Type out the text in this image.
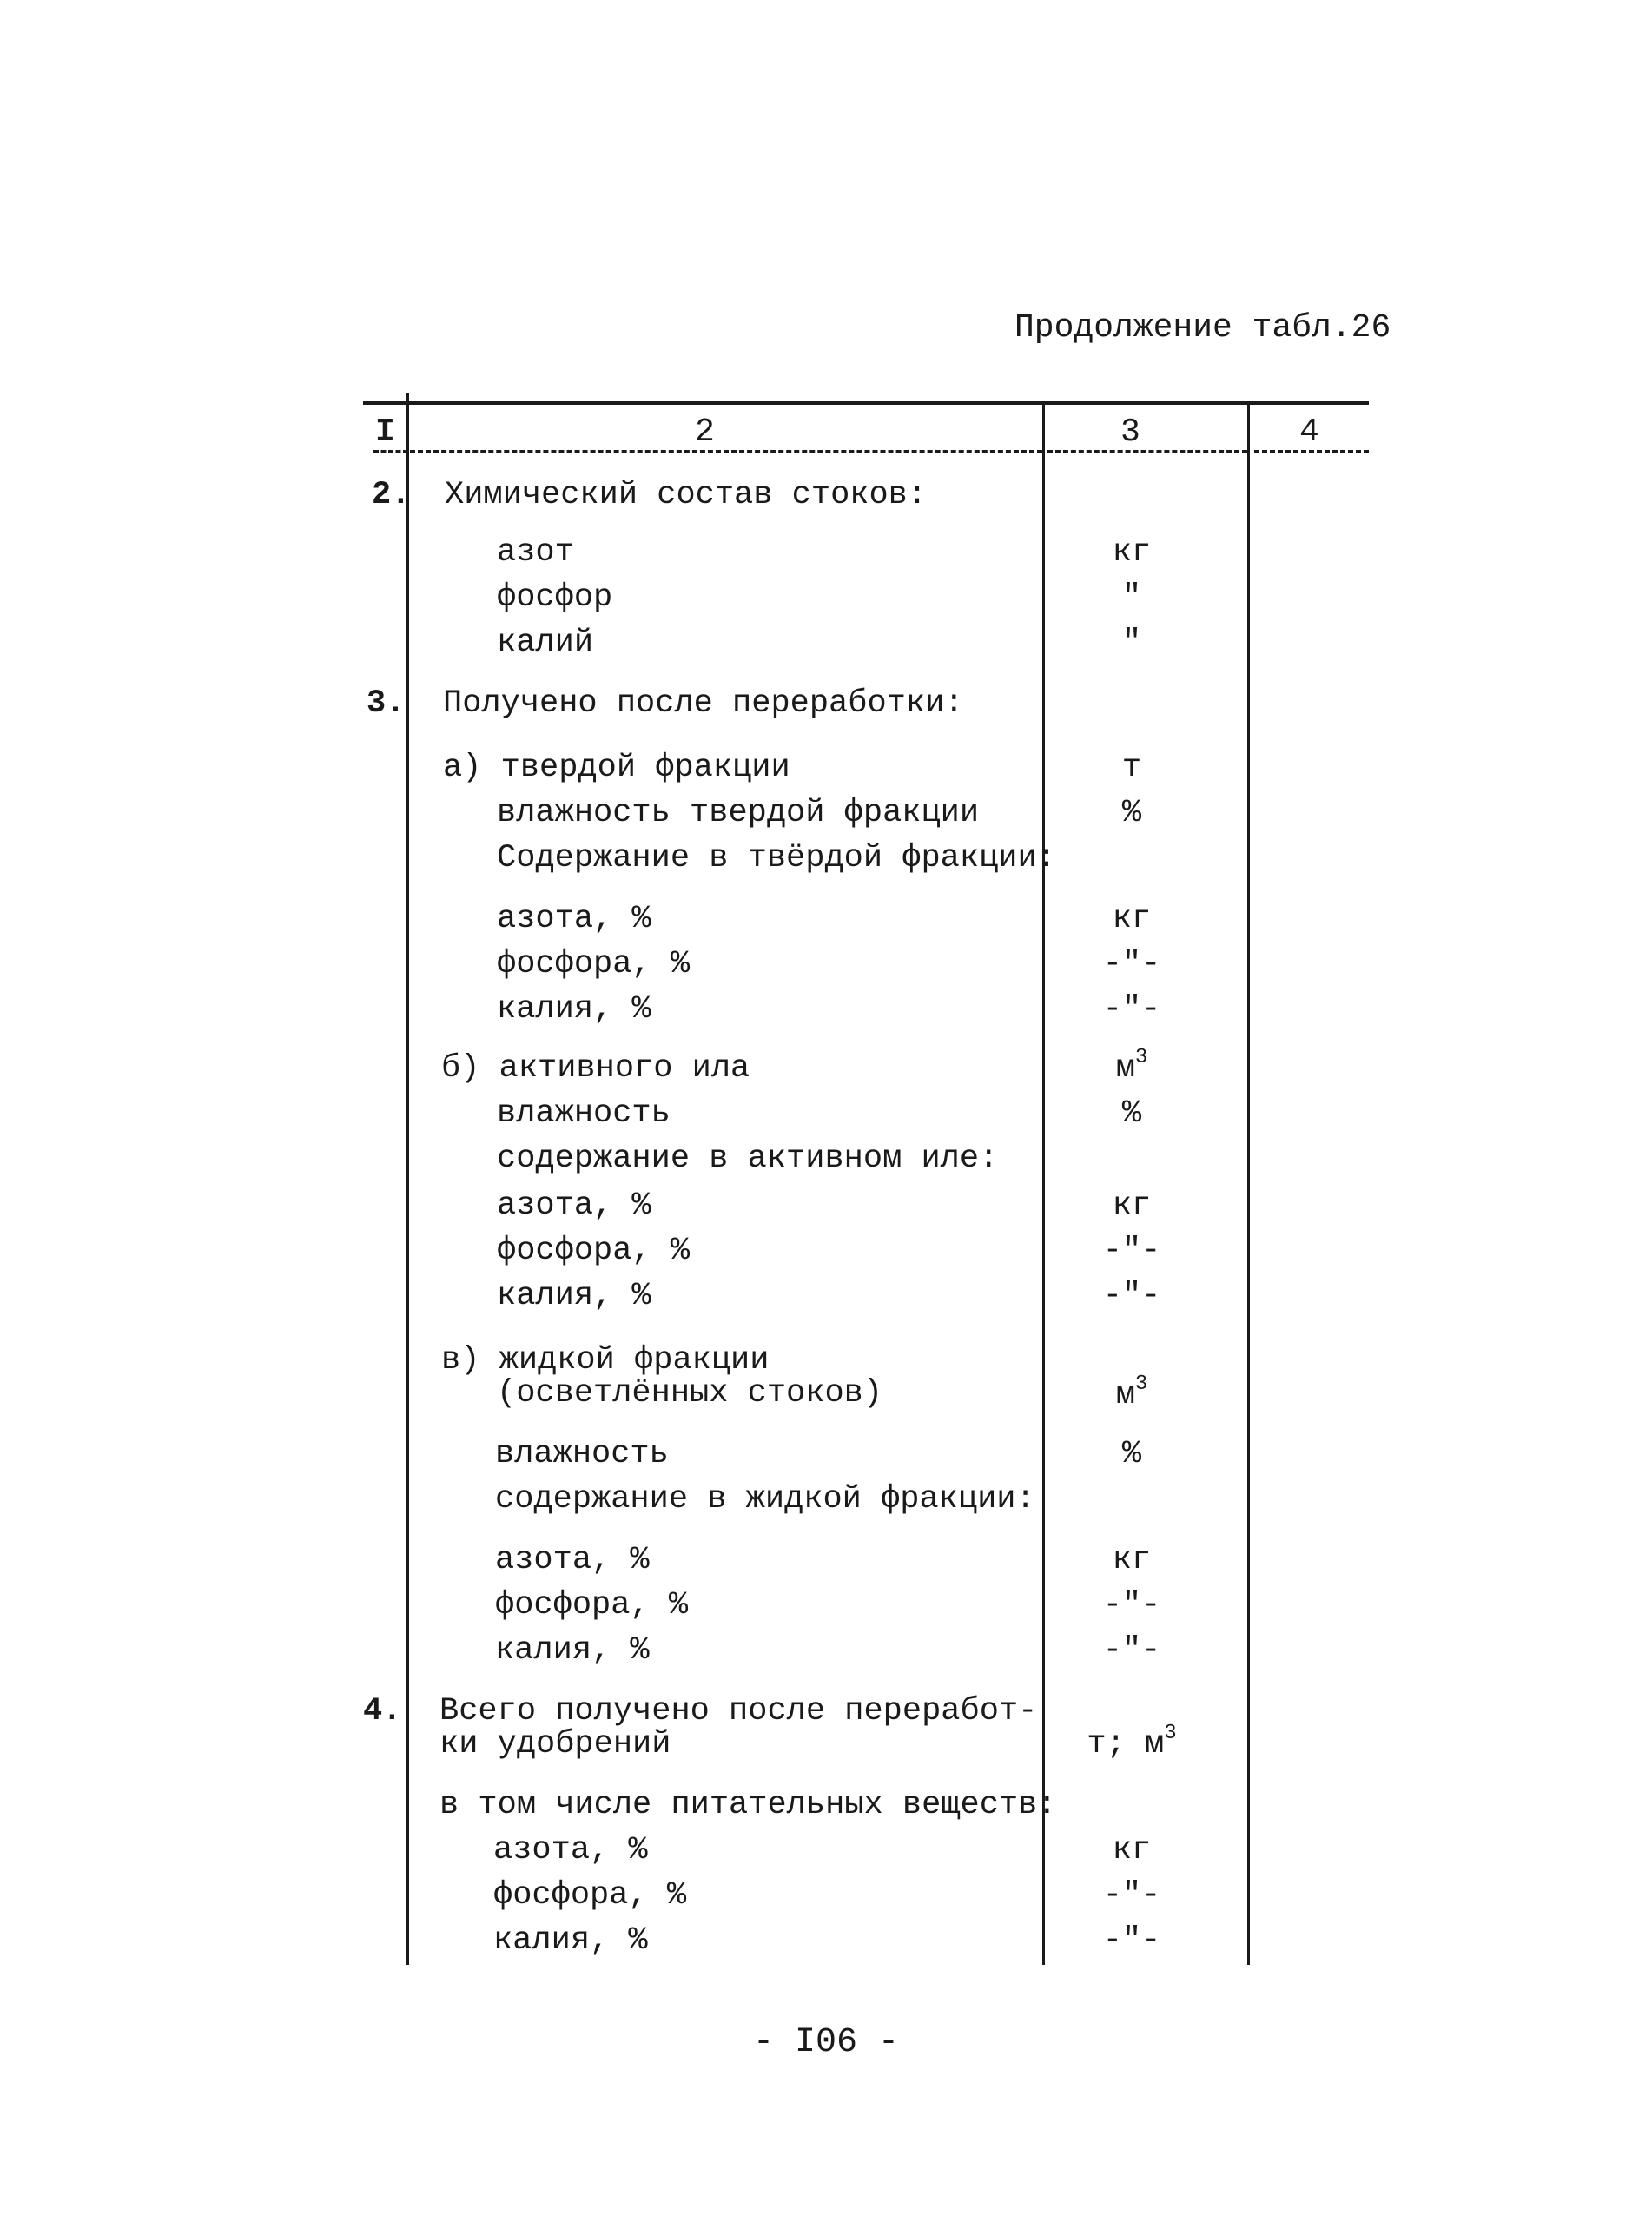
Продолжение табл.26
I	2	3	4
2. Химический состав стоков:
азот	кг
фосфор	"
калий	"
3. Получено после переработки:
а) твердой фракции	т
влажность твердой фракции	%
Содержание в твёрдой фракции:
азота, %	кг
фосфора, %	-"-
калия, %	-"-
б) активного ила	$м^3$
влажность	%
содержание в активном иле:
азота, %	кг
фосфора, %	-"-
калия, %	-"-
в) жидкой фракции
(осветлённых стоков)	$м^3$
влажность	%
содержание в жидкой фракции:
азота, %	кг
фосфора, %	-"-
калия, %	-"-
4. Всего получено после переработ-
ки удобрений	т; $м^3$
в том числе питательных веществ:
азота, %	кг
фосфора, %	-"-
калия, %	-"-
- I06 -
